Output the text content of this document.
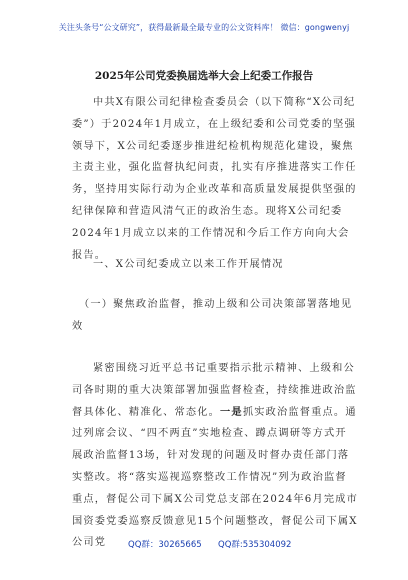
关注头条号“公文研究”，获得最新最全最专业的公文资料库！ 微信：gongwenyj
2025年公司党委换届选举大会上纪委工作报告

中共X有限公司纪律检查委员会（以下简称“X公司纪委”）于2024年1月成立，在上级纪委和公司党委的坚强领导下，X公司纪委逐步推进纪检机构规范化建设，聚焦主责主业，强化监督执纪问责，扎实有序推进落实工作任务，坚持用实际行动为企业改革和高质量发展提供坚强的纪律保障和营造风清气正的政治生态。现将X公司纪委2024年1月成立以来的工作情况和今后工作方向向大会报告。

一、X公司纪委成立以来工作开展情况

（一）聚焦政治监督，推动上级和公司决策部署落地见效

紧密围绕习近平总书记重要指示批示精神、上级和公司各时期的重大决策部署加强监督检查，持续推进政治监督具体化、精准化、常态化。一是抓实政治监督重点。通过列席会议、“四不两直”实地检查、蹲点调研等方式开展政治监督13场，针对发现的问题及时督办责任部门落实整改。将“落实巡视巡察整改工作情况”列为政治监督重点，督促公司下属X公司党总支部在2024年6月完成市国资委党委巡察反馈意见15个问题整改，督促公司下属X公司党	QQ群：30265665 QQ群:535304092
